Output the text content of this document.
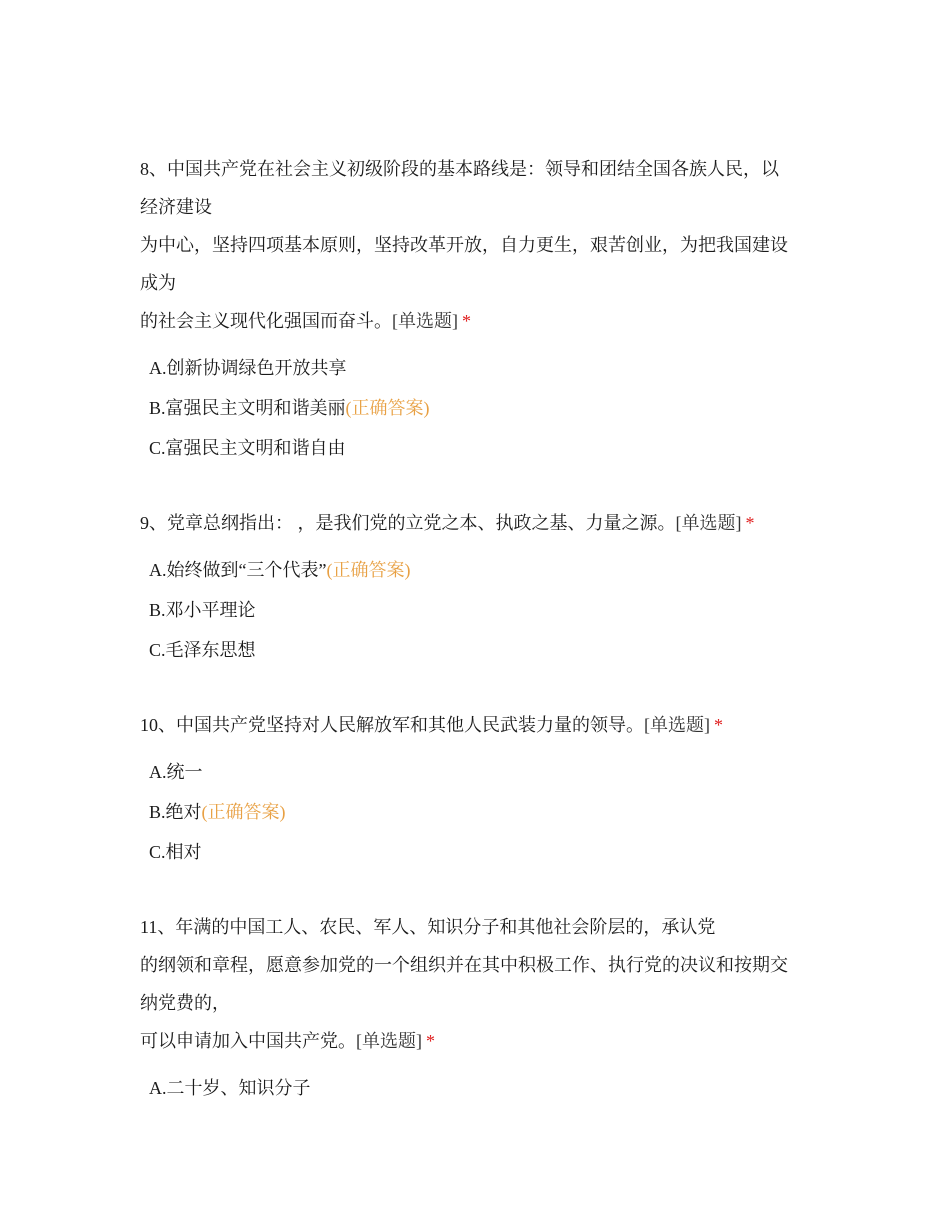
8、中国共产党在社会主义初级阶段的基本路线是：领导和团结全国各族人民，以
经济建设
为中心，坚持四项基本原则，坚持改革开放，自力更生，艰苦创业，为把我国建设
成为
的社会主义现代化强国而奋斗。[单选题] *
A.创新协调绿色开放共享
B.富强民主文明和谐美丽(正确答案)
C.富强民主文明和谐自由
9、党章总纲指出： ，是我们党的立党之本、执政之基、力量之源。[单选题] *
A.始终做到“三个代表”(正确答案)
B.邓小平理论
C.毛泽东思想
10、中国共产党坚持对人民解放军和其他人民武装力量的领导。[单选题] *
A.统一
B.绝对(正确答案)
C.相对
11、年满的中国工人、农民、军人、知识分子和其他社会阶层的，承认党
的纲领和章程，愿意参加党的一个组织并在其中积极工作、执行党的决议和按期交
纳党费的，
可以申请加入中国共产党。[单选题] *
A.二十岁、知识分子
